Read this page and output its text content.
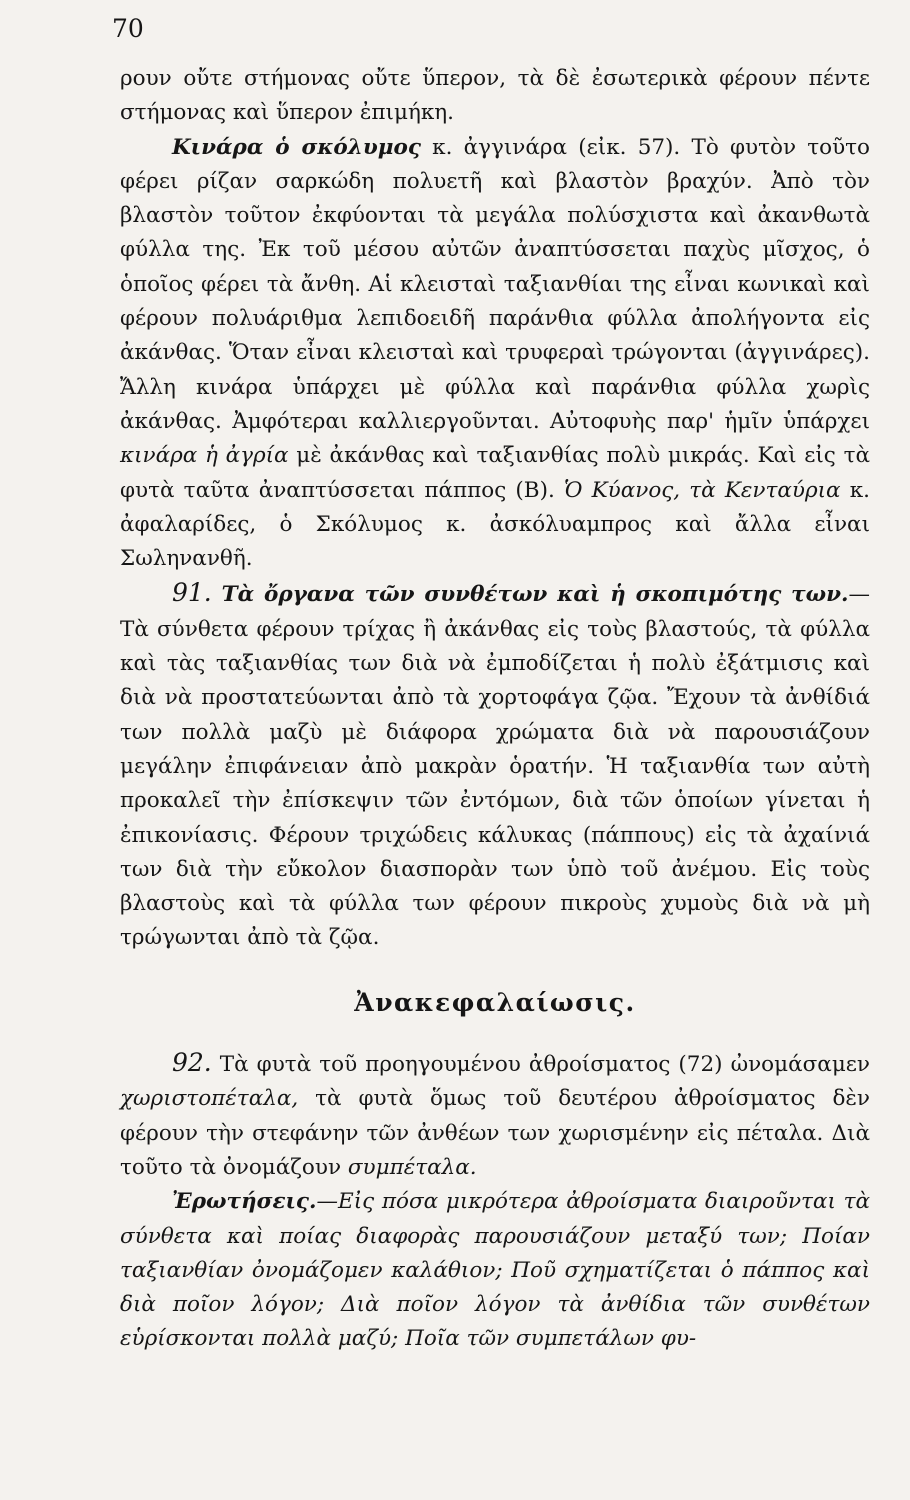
70

ρουν οὔτε στήμονας οὔτε ὕπερον, τὰ δὲ ἐσωτερικὰ φέρουν πέντε στήμονας καὶ ὕπερον ἐπιμήκη.

Κινάρα ὁ σκόλυμος κ. ἀγγινάρα (εἰκ. 57). Τὸ φυτὸν τοῦτο φέρει ρίζαν σαρκώδη πολυετῆ καὶ βλαστὸν βραχύν. Ἀπὸ τὸν βλαστὸν τοῦτον ἐκφύονται τὰ μεγάλα πολύσχιστα καὶ ἀκανθωτὰ φύλλα της. Ἐκ τοῦ μέσου αὐτῶν ἀναπτύσσεται παχὺς μῖσχος, ὁ ὁποῖος φέρει τὰ ἄνθη. Αἱ κλεισταὶ ταξιανθίαι της εἶναι κωνικαὶ καὶ φέρουν πολυάριθμα λεπιδοειδῆ παράνθια φύλλα ἀπολήγοντα εἰς ἀκάνθας. Ὅταν εἶναι κλεισταὶ καὶ τρυφεραὶ τρώγονται (ἀγγινάρες). Ἄλλη κινάρα ὑπάρχει μὲ φύλλα καὶ παράνθια φύλλα χωρὶς ἀκάνθας. Ἀμφότεραι καλλιεργοῦνται. Αὐτοφυὴς παρ' ἡμῖν ὑπάρχει κινάρα ἡ ἀγρία μὲ ἀκάνθας καὶ ταξιανθίας πολὺ μικράς. Καὶ εἰς τὰ φυτὰ ταῦτα ἀναπτύσσεται πάππος (Β). Ὁ Κύανος, τὰ Κενταύρια κ. ἀφαλαρίδες, ὁ Σκόλυμος κ. ἀσκόλυαμπρος καὶ ἄλλα εἶναι Σωληνανθῆ.

91. Τὰ ὄργανα τῶν συνθέτων καὶ ἡ σκοπιμότης των.— Τὰ σύνθετα φέρουν τρίχας ἢ ἀκάνθας εἰς τοὺς βλαστούς, τὰ φύλλα καὶ τὰς ταξιανθίας των διὰ νὰ ἐμποδίζεται ἡ πολὺ ἐξάτμισις καὶ διὰ νὰ προστατεύωνται ἀπὸ τὰ χορτοφάγα ζῷα. Ἔχουν τὰ ἀνθίδιά των πολλὰ μαζὺ μὲ διάφορα χρώματα διὰ νὰ παρουσιάζουν μεγάλην ἐπιφάνειαν ἀπὸ μακρὰν ὁρατήν. Ἡ ταξιανθία των αὐτὴ προκαλεῖ τὴν ἐπίσκεψιν τῶν ἐντόμων, διὰ τῶν ὁποίων γίνεται ἡ ἐπικονίασις. Φέρουν τριχώδεις κάλυκας (πάππους) εἰς τὰ ἀχαίνιά των διὰ τὴν εὔκολον διασπορὰν των ὑπὸ τοῦ ἀνέμου. Εἰς τοὺς βλαστοὺς καὶ τὰ φύλλα των φέρουν πικροὺς χυμοὺς διὰ νὰ μὴ τρώγωνται ἀπὸ τὰ ζῷα.

Ἀνακεφαλαίωσις.

92. Τὰ φυτὰ τοῦ προηγουμένου ἀθροίσματος (72) ὠνομάσαμεν χωριστοπέταλα, τὰ φυτὰ ὅμως τοῦ δευτέρου ἀθροίσματος δὲν φέρουν τὴν στεφάνην τῶν ἀνθέων των χωρισμένην εἰς πέταλα. Διὰ τοῦτο τὰ ὀνομάζουν συμπέταλα.

Ἐρωτήσεις.—Εἰς πόσα μικρότερα ἀθροίσματα διαιροῦνται τὰ σύνθετα καὶ ποίας διαφορὰς παρουσιάζουν μεταξύ των; Ποίαν ταξιανθίαν ὀνομάζομεν καλάθιον; Ποῦ σχηματίζεται ὁ πάππος καὶ διὰ ποῖον λόγον; Διὰ ποῖον λόγον τὰ ἀνθίδια τῶν συνθέτων εὑρίσκονται πολλὰ μαζύ; Ποῖα τῶν συμπετάλων φυ-
